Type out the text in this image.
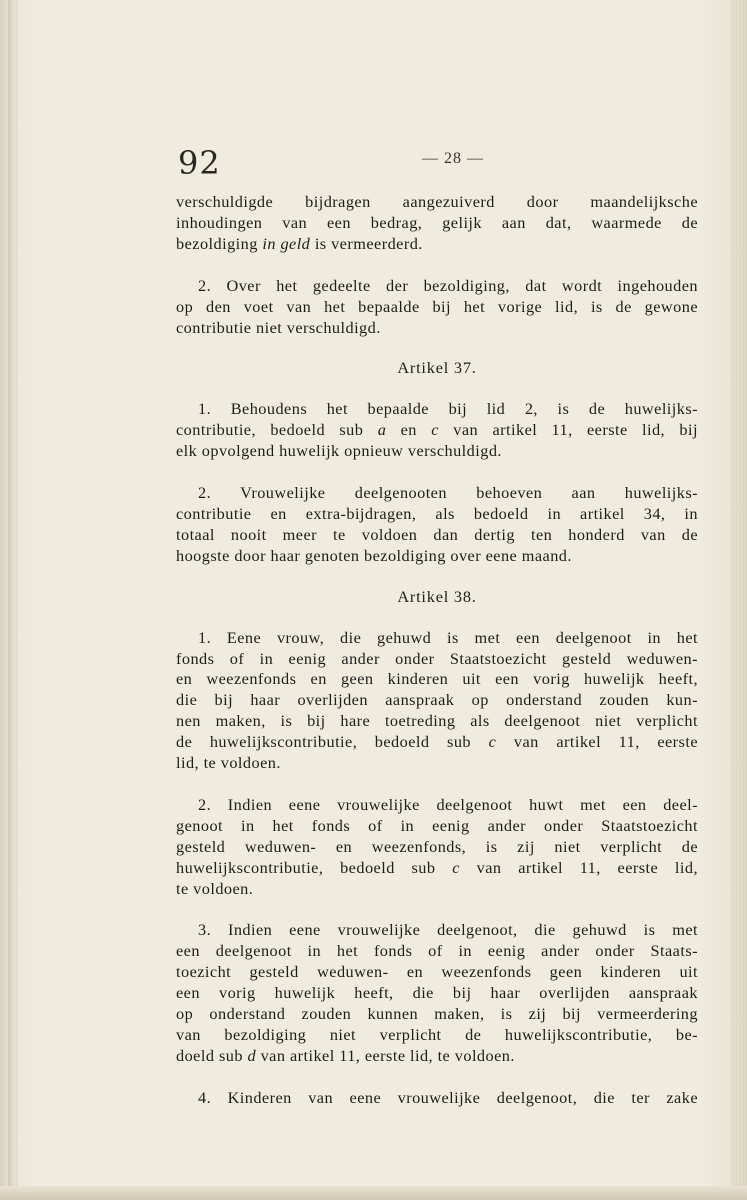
92	— 28 —

verschuldigde bijdragen aangezuiverd door maandelijksche
inhoudingen van een bedrag, gelijk aan dat, waarmede de
bezoldiging in geld is vermeerderd.

2. Over het gedeelte der bezoldiging, dat wordt ingehouden
op den voet van het bepaalde bij het vorige lid, is de gewone
contributie niet verschuldigd.

Artikel 37.

1. Behoudens het bepaalde bij lid 2, is de huwelijks-
contributie, bedoeld sub a en c van artikel 11, eerste lid, bij
elk opvolgend huwelijk opnieuw verschuldigd.

2. Vrouwelijke deelgenooten behoeven aan huwelijks-
contributie en extra-bijdragen, als bedoeld in artikel 34, in
totaal nooit meer te voldoen dan dertig ten honderd van de
hoogste door haar genoten bezoldiging over eene maand.

Artikel 38.

1. Eene vrouw, die gehuwd is met een deelgenoot in het
fonds of in eenig ander onder Staatstoezicht gesteld weduwen-
en weezenfonds en geen kinderen uit een vorig huwelijk heeft,
die bij haar overlijden aanspraak op onderstand zouden kun-
nen maken, is bij hare toetreding als deelgenoot niet verplicht
de huwelijkscontributie, bedoeld sub c van artikel 11, eerste
lid, te voldoen.

2. Indien eene vrouwelijke deelgenoot huwt met een deel-
genoot in het fonds of in eenig ander onder Staatstoezicht
gesteld weduwen- en weezenfonds, is zij niet verplicht de
huwelijkscontributie, bedoeld sub c van artikel 11, eerste lid,
te voldoen.

3. Indien eene vrouwelijke deelgenoot, die gehuwd is met
een deelgenoot in het fonds of in eenig ander onder Staats-
toezicht gesteld weduwen- en weezenfonds geen kinderen uit
een vorig huwelijk heeft, die bij haar overlijden aanspraak
op onderstand zouden kunnen maken, is zij bij vermeerdering
van bezoldiging niet verplicht de huwelijkscontributie, be-
doeld sub d van artikel 11, eerste lid, te voldoen.

4. Kinderen van eene vrouwelijke deelgenoot, die ter zake
